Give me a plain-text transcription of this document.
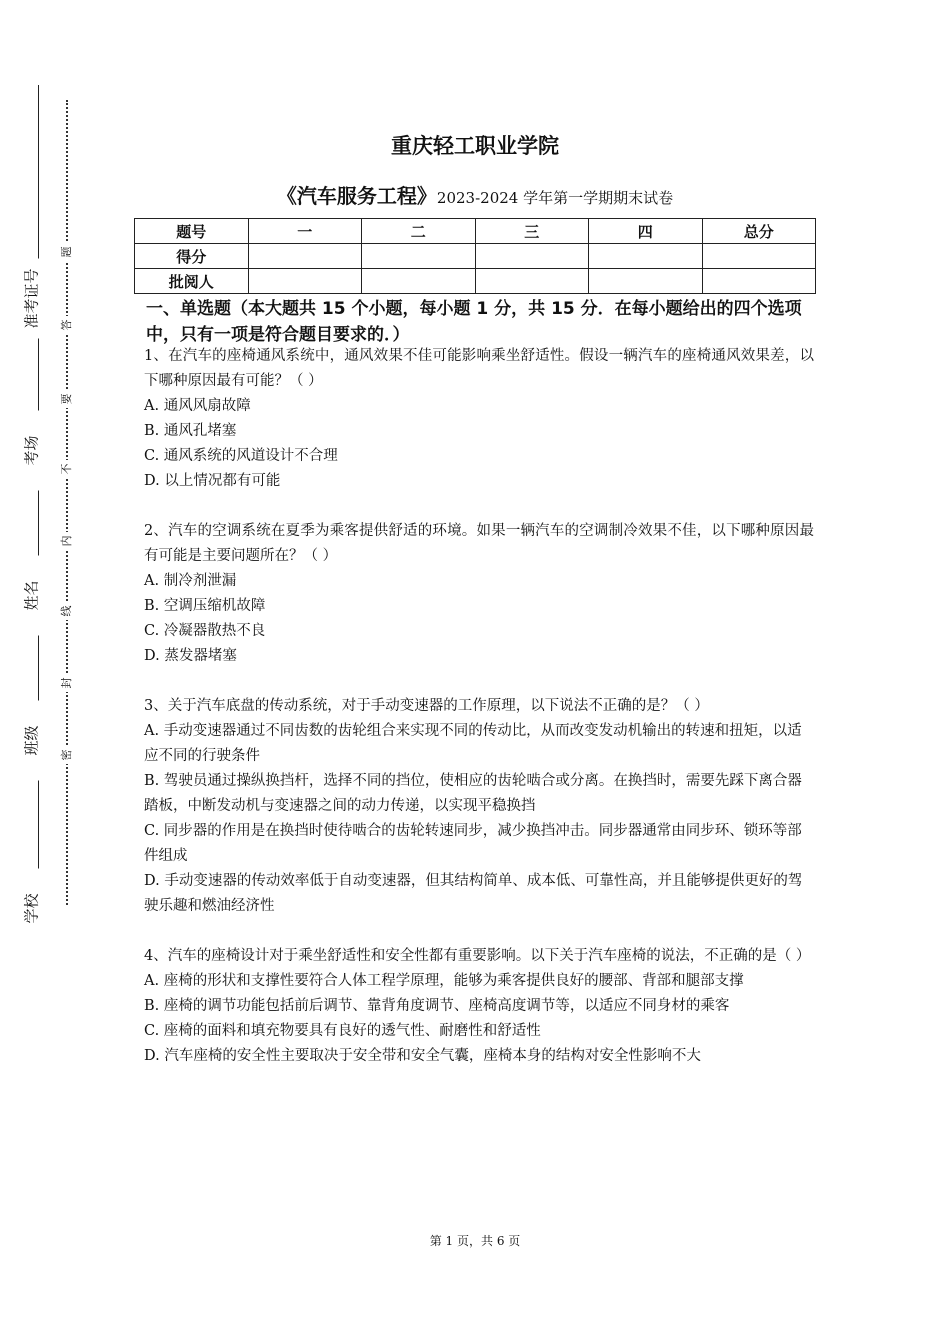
准考证号
考场
姓名
班级
学校
题
答
要
不
内
线
封
密
重庆轻工职业学院
《汽车服务工程》2023-2024 学年第一学期期末试卷
题号	一	二	三	四	总分
得分					
批阅人					
一、单选题（本大题共 15 个小题，每小题 1 分，共 15 分．在每小题给出的四个选项中，只有一项是符合题目要求的．）

1、在汽车的座椅通风系统中，通风效果不佳可能影响乘坐舒适性。假设一辆汽车的座椅通风效果差，以下哪种原因最有可能？（ ）

A. 通风风扇故障

B. 通风孔堵塞

C. 通风系统的风道设计不合理

D. 以上情况都有可能

2、汽车的空调系统在夏季为乘客提供舒适的环境。如果一辆汽车的空调制冷效果不佳，以下哪种原因最有可能是主要问题所在？（ ）

A. 制冷剂泄漏

B. 空调压缩机故障

C. 冷凝器散热不良

D. 蒸发器堵塞

3、关于汽车底盘的传动系统，对于手动变速器的工作原理，以下说法不正确的是？（ ）

A. 手动变速器通过不同齿数的齿轮组合来实现不同的传动比，从而改变发动机输出的转速和扭矩，以适应不同的行驶条件

B. 驾驶员通过操纵换挡杆，选择不同的挡位，使相应的齿轮啮合或分离。在换挡时，需要先踩下离合器踏板，中断发动机与变速器之间的动力传递，以实现平稳换挡

C. 同步器的作用是在换挡时使待啮合的齿轮转速同步，减少换挡冲击。同步器通常由同步环、锁环等部件组成

D. 手动变速器的传动效率低于自动变速器，但其结构简单、成本低、可靠性高，并且能够提供更好的驾驶乐趣和燃油经济性

4、汽车的座椅设计对于乘坐舒适性和安全性都有重要影响。以下关于汽车座椅的说法，不正确的是（ ）

A. 座椅的形状和支撑性要符合人体工程学原理，能够为乘客提供良好的腰部、背部和腿部支撑

B. 座椅的调节功能包括前后调节、靠背角度调节、座椅高度调节等，以适应不同身材的乘客

C. 座椅的面料和填充物要具有良好的透气性、耐磨性和舒适性

D. 汽车座椅的安全性主要取决于安全带和安全气囊，座椅本身的结构对安全性影响不大

第 1 页，共 6 页
